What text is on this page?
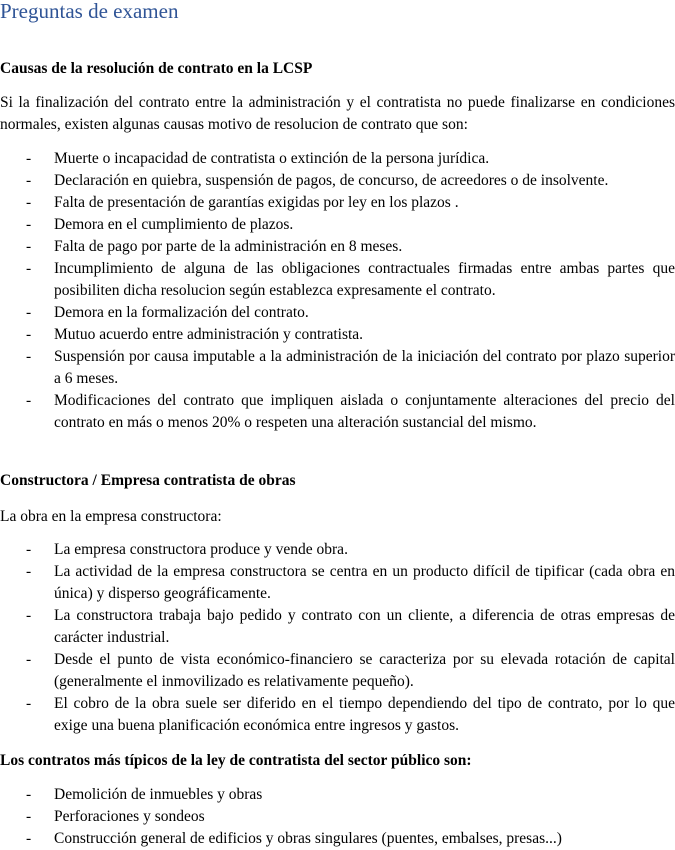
Preguntas de examen
Causas de la resolución de contrato en la LCSP
Si la finalización del contrato entre la administración y el contratista no puede finalizarse en condiciones normales, existen algunas causas motivo de resolucion de contrato que son:
- Muerte o incapacidad de contratista o extinción de la persona jurídica.
- Declaración en quiebra, suspensión de pagos, de concurso, de acreedores o de insolvente.
- Falta de presentación de garantías exigidas por ley en los plazos .
- Demora en el cumplimiento de plazos.
- Falta de pago por parte de la administración en 8 meses.
- Incumplimiento de alguna de las obligaciones contractuales firmadas entre ambas partes que posibiliten dicha resolucion según establezca expresamente el contrato.
- Demora en la formalización del contrato.
- Mutuo acuerdo entre administración y contratista.
- Suspensión por causa imputable a la administración de la iniciación del contrato por plazo superior a 6 meses.
- Modificaciones del contrato que impliquen aislada o conjuntamente alteraciones del precio del contrato en más o menos 20% o respeten una alteración sustancial del mismo.
Constructora / Empresa contratista de obras
La obra en la empresa constructora:
- La empresa constructora produce y vende obra.
- La actividad de la empresa constructora se centra en un producto difícil de tipificar (cada obra en única) y disperso geográficamente.
- La constructora trabaja bajo pedido y contrato con un cliente, a diferencia de otras empresas de carácter industrial.
- Desde el punto de vista económico-financiero se caracteriza por su elevada rotación de capital (generalmente el inmovilizado es relativamente pequeño).
- El cobro de la obra suele ser diferido en el tiempo dependiendo del tipo de contrato, por lo que exige una buena planificación económica entre ingresos y gastos.
Los contratos más típicos de la ley de contratista del sector público son:
- Demolición de inmuebles y obras
- Perforaciones y sondeos
- Construcción general de edificios y obras singulares (puentes, embalses, presas...)
